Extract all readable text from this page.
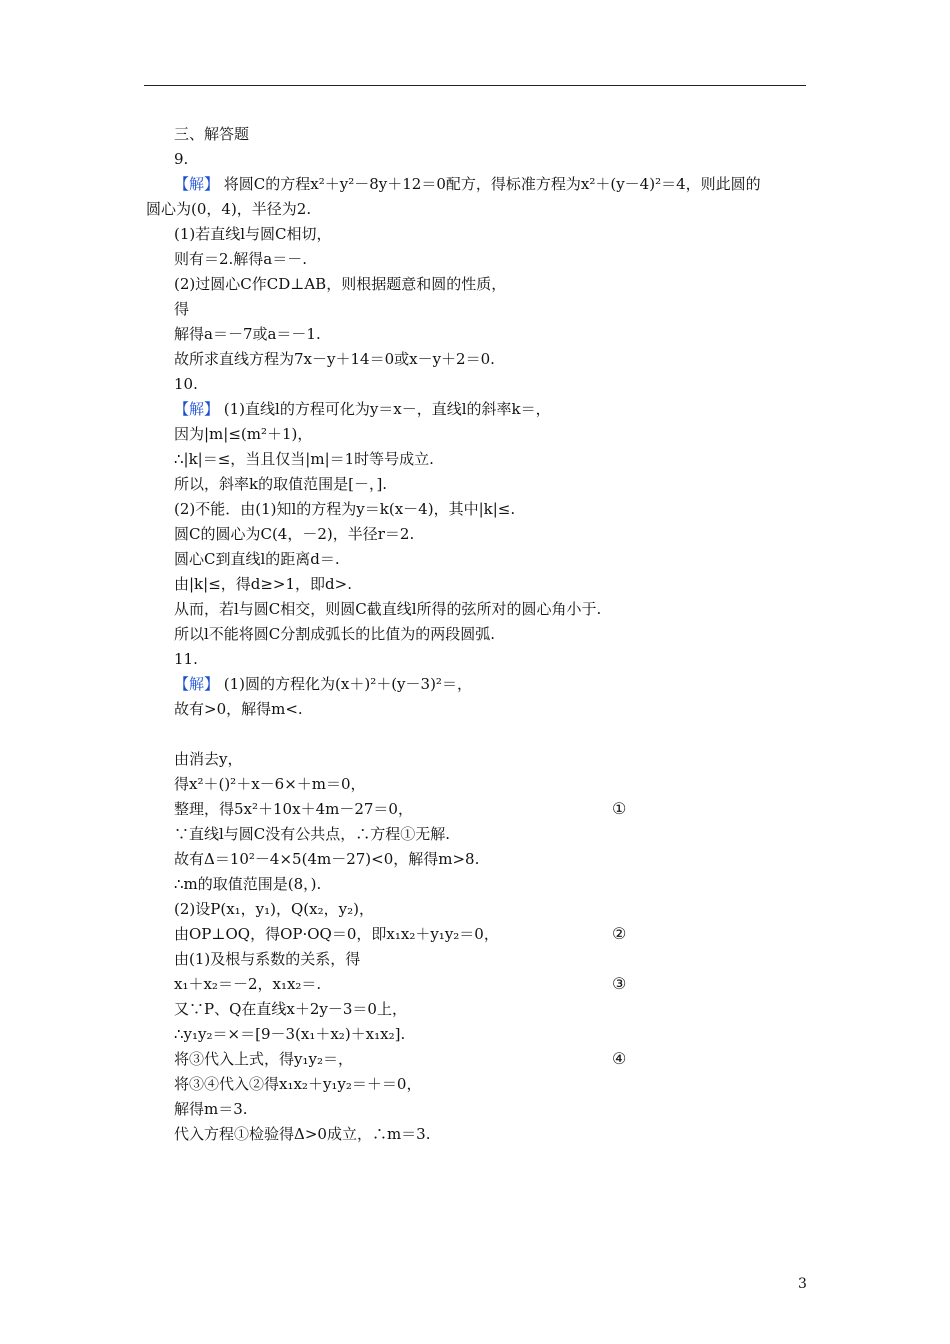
三、解答题
9.
【解】 将圆C的方程x²＋y²－8y＋12＝0配方，得标准方程为x²＋(y－4)²＝4，则此圆的
圆心为(0，4)，半径为2.
(1)若直线l与圆C相切，
则有＝2.解得a＝－.
(2)过圆心C作CD⊥AB，则根据题意和圆的性质，
得
解得a＝－7或a＝－1.
故所求直线方程为7x－y＋14＝0或x－y＋2＝0.
10.
【解】 (1)直线l的方程可化为y＝x－，直线l的斜率k＝，
因为|m|≤(m²＋1)，
∴|k|＝≤，当且仅当|m|＝1时等号成立.
所以，斜率k的取值范围是[－，].
(2)不能．由(1)知l的方程为y＝k(x－4)，其中|k|≤.
圆C的圆心为C(4，－2)，半径r＝2.
圆心C到直线l的距离d＝.
由|k|≤，得d≥>1，即d>.
从而，若l与圆C相交，则圆C截直线l所得的弦所对的圆心角小于.
所以l不能将圆C分割成弧长的比值为的两段圆弧.
11.
【解】 (1)圆的方程化为(x＋)²＋(y－3)²＝，
故有>0，解得m<.
由消去y，
得x²＋()²＋x－6×＋m＝0，
整理，得5x²＋10x＋4m－27＝0，
∵直线l与圆C没有公共点，∴方程①无解.
故有Δ＝10²－4×5(4m－27)<0，解得m>8.
∴m的取值范围是(8，).
(2)设P(x₁，y₁)，Q(x₂，y₂)，
由OP⊥OQ，得OP·OQ＝0，即x₁x₂＋y₁y₂＝0，
由(1)及根与系数的关系，得
x₁＋x₂＝－2，x₁x₂＝.
又∵P、Q在直线x＋2y－3＝0上，
∴y₁y₂＝×＝[9－3(x₁＋x₂)＋x₁x₂].
将③代入上式，得y₁y₂＝，
将③④代入②得x₁x₂＋y₁y₂＝＋＝0，
解得m＝3.
代入方程①检验得Δ>0成立，∴m＝3.
①
②
③
④
3
